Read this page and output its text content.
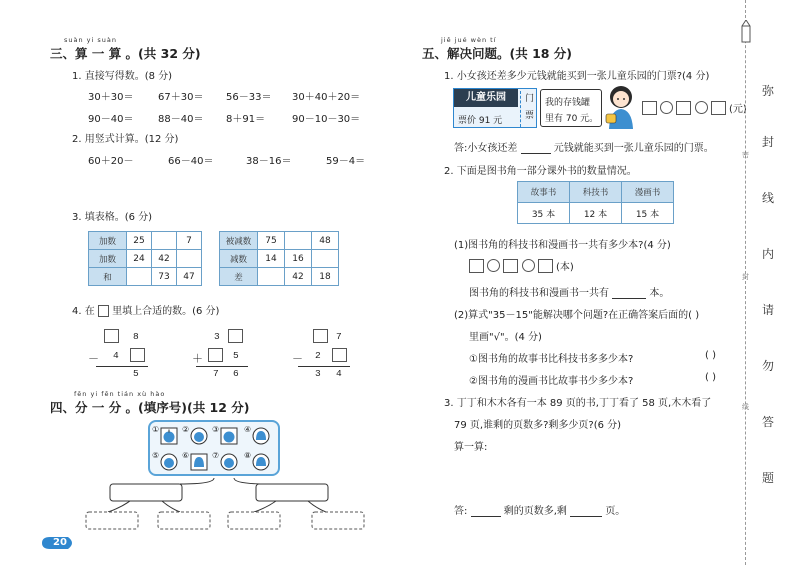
suàn yi suàn
三、算 一 算 。(共 32 分)
1. 直接写得数。(8 分)
30＋30＝ 67＋30＝ 56－33＝ 30＋40＋20＝
90－40＝ 88－40＝ 8＋91＝	90－10－30＝
2. 用竖式计算。(12 分)
60＋20－	66－40＝	38－16＝	59－4＝
3. 填表格。(6 分)
加数	25		7
加数	24	42	
和		73	47
被减数	75		48
减数	14	16	
差		42	18
4. 在 里填上合适的数。(6 分)
8
－ 4
5
3
＋	5
7 6
7
－ 2
3 4
fēn yi fēn tián xù hào
四、分 一 分 。(填序号)(共 12 分)
①	②	③	④
⑤	⑥	⑦	⑧
20
jiě jué wèn tí
五、解决问题。(共 18 分)
1. 小女孩还差多少元钱就能买到一张儿童乐园的门票?(4 分)
儿童乐园
票价 91 元
门票
我的存钱罐
里有 70 元。
(元)
答:小女孩还差	元钱就能买到一张儿童乐园的门票。
2. 下面是图书角一部分课外书的数量情况。
故事书	科技书	漫画书
35 本	12 本	15 本
(1)图书角的科技书和漫画书一共有多少本?(4 分)
(本)
图书角的科技书和漫画书一共有	本。
(2)算式"35－15"能解决哪个问题?在正确答案后面的( )
里画"√"。(4 分)
①图书角的故事书比科技书多多少本?	( )
②图书角的漫画书比故事书少多少本?	( )
3. 丁丁和木木各有一本 89 页的书,丁丁看了 58 页,木木看了
79 页,谁剩的页数多?剩多少页?(6 分)
算一算:
答:	剩的页数多,剩	页。
密
封
线
弥
封
线
内
请
勿
答
题
